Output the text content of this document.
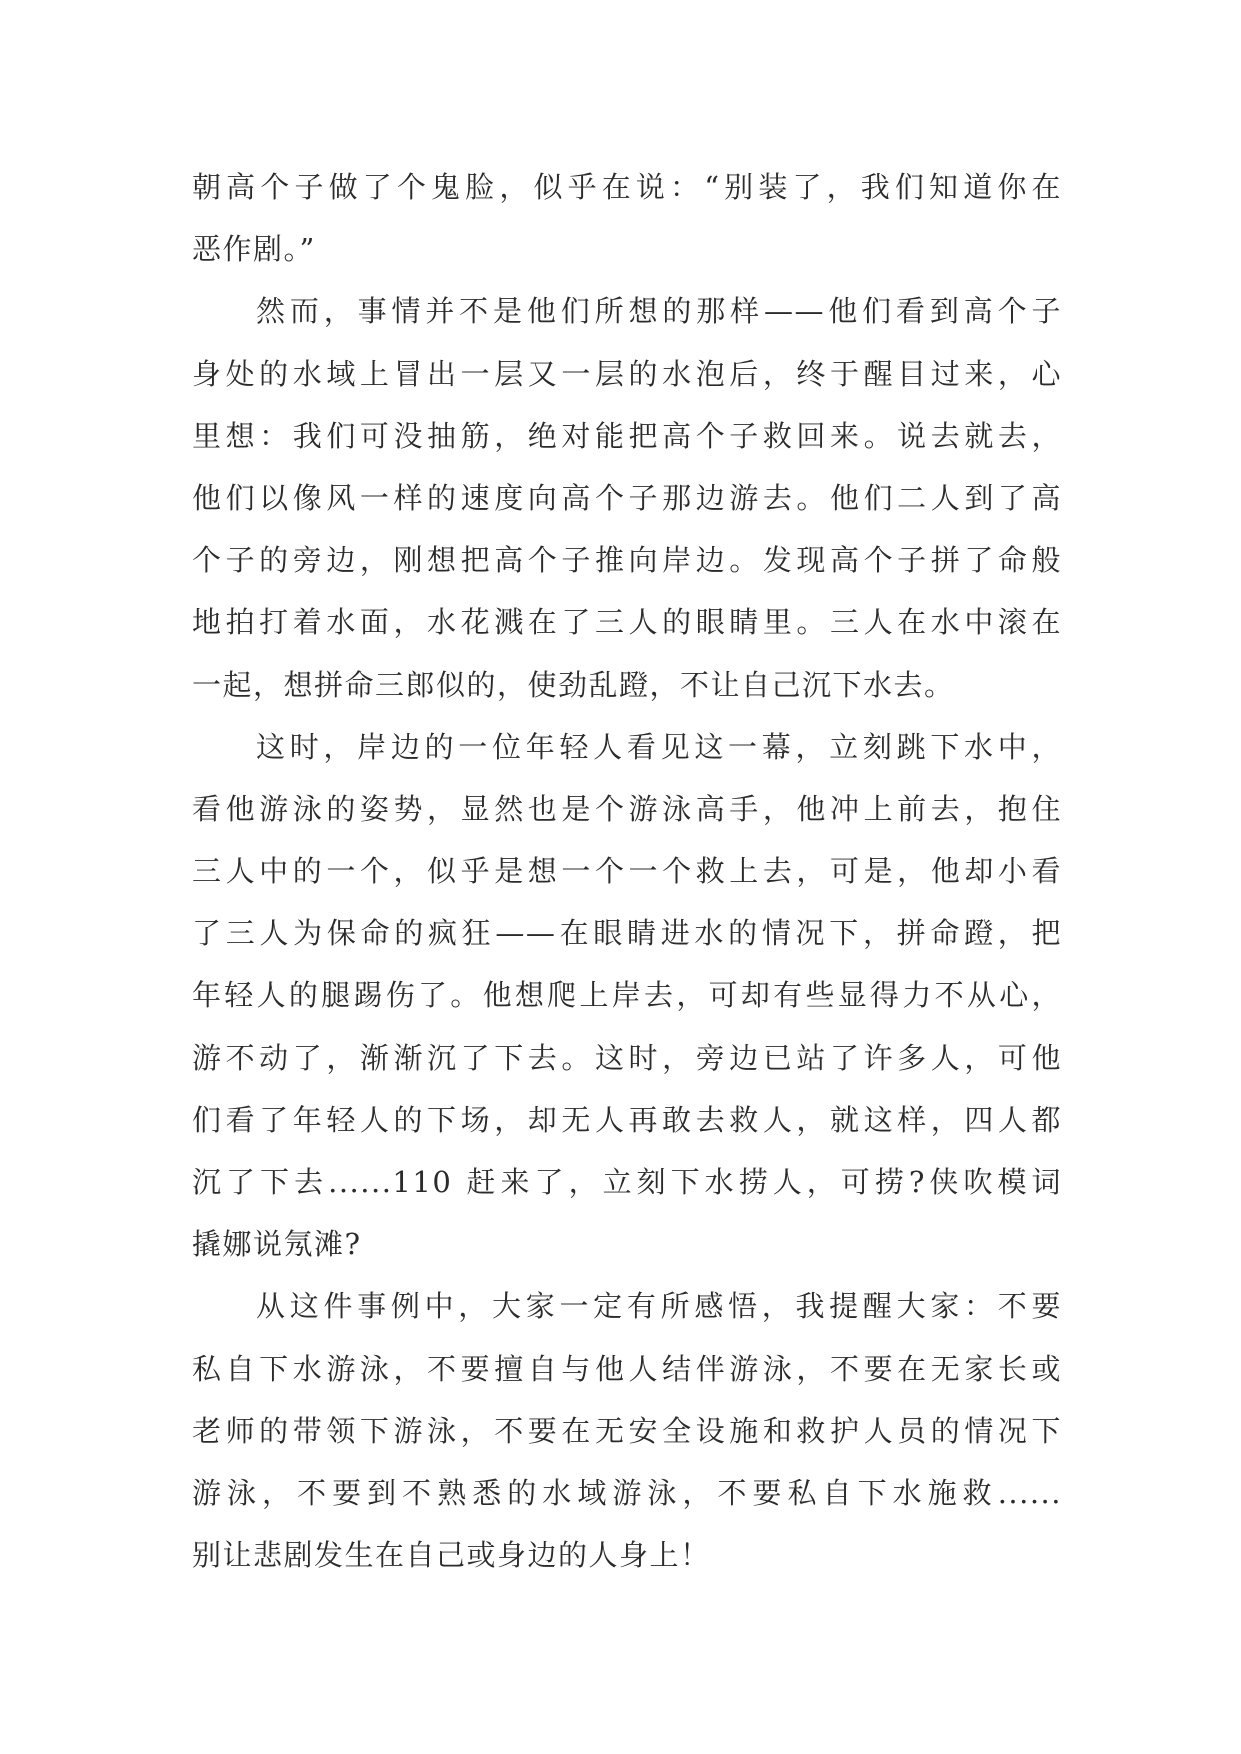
朝高个子做了个鬼脸，似乎在说：“别装了，我们知道你在
恶作剧。”
然而，事情并不是他们所想的那样——他们看到高个子
身处的水域上冒出一层又一层的水泡后，终于醒目过来，心
里想：我们可没抽筋，绝对能把高个子救回来。说去就去，
他们以像风一样的速度向高个子那边游去。他们二人到了高
个子的旁边，刚想把高个子推向岸边。发现高个子拼了命般
地拍打着水面，水花溅在了三人的眼睛里。三人在水中滚在
一起，想拼命三郎似的，使劲乱蹬，不让自己沉下水去。
这时，岸边的一位年轻人看见这一幕，立刻跳下水中，
看他游泳的姿势，显然也是个游泳高手，他冲上前去，抱住
三人中的一个，似乎是想一个一个救上去，可是，他却小看
了三人为保命的疯狂——在眼睛进水的情况下，拼命蹬，把
年轻人的腿踢伤了。他想爬上岸去，可却有些显得力不从心，
游不动了，渐渐沉了下去。这时，旁边已站了许多人，可他
们看了年轻人的下场，却无人再敢去救人，就这样，四人都
沉了下去......110 赶来了，立刻下水捞人，可捞?侠吹模词
撬娜说氖滩?
从这件事例中，大家一定有所感悟，我提醒大家：不要
私自下水游泳，不要擅自与他人结伴游泳，不要在无家长或
老师的带领下游泳，不要在无安全设施和救护人员的情况下
游泳，不要到不熟悉的水域游泳，不要私自下水施救......
别让悲剧发生在自己或身边的人身上！
